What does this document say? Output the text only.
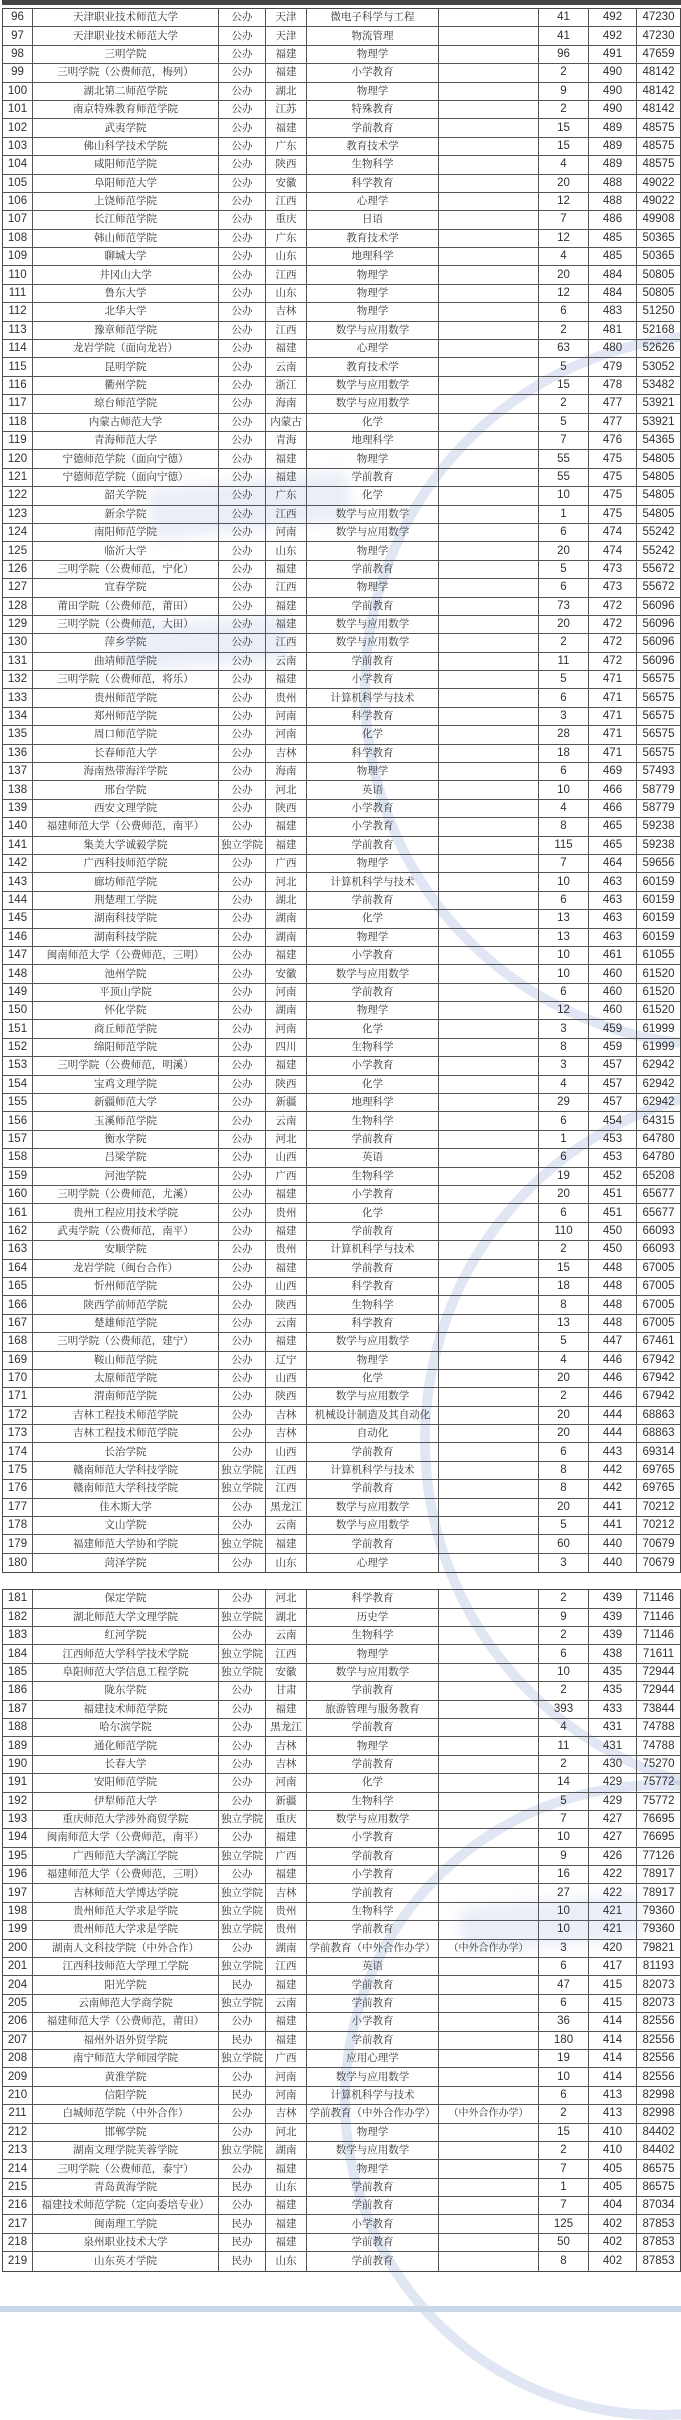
96	天津职业技术师范大学	公办	天津	微电子科学与工程	41	492	47230
97	天津职业技术师范大学	公办	天津	物流管理	41	492	47230
98	三明学院	公办	福建	物理学	96	491	47659
99	三明学院（公费师范，梅列）	公办	福建	小学教育	2	490	48142
100	湖北第二师范学院	公办	湖北	物理学	9	490	48142
101	南京特殊教育师范学院	公办	江苏	特殊教育	2	490	48142
102	武夷学院	公办	福建	学前教育	15	489	48575
103	佛山科学技术学院	公办	广东	教育技术学	15	489	48575
104	咸阳师范学院	公办	陕西	生物科学	4	489	48575
105	阜阳师范大学	公办	安徽	科学教育	20	488	49022
106	上饶师范学院	公办	江西	心理学	12	488	49022
107	长江师范学院	公办	重庆	日语	7	486	49908
108	韩山师范学院	公办	广东	教育技术学	12	485	50365
109	聊城大学	公办	山东	地理科学	4	485	50365
110	井冈山大学	公办	江西	物理学	20	484	50805
111	鲁东大学	公办	山东	物理学	12	484	50805
112	北华大学	公办	吉林	物理学	6	483	51250
113	豫章师范学院	公办	江西	数学与应用数学	2	481	52168
114	龙岩学院（面向龙岩）	公办	福建	心理学	63	480	52626
115	昆明学院	公办	云南	教育技术学	5	479	53052
116	衢州学院	公办	浙江	数学与应用数学	15	478	53482
117	琼台师范学院	公办	海南	数学与应用数学	2	477	53921
118	内蒙古师范大学	公办	内蒙古	化学	5	477	53921
119	青海师范大学	公办	青海	地理科学	7	476	54365
120	宁德师范学院（面向宁德）	公办	福建	物理学	55	475	54805
121	宁德师范学院（面向宁德）	公办	福建	学前教育	55	475	54805
122	韶关学院	公办	广东	化学	10	475	54805
123	新余学院	公办	江西	数学与应用数学	1	475	54805
124	南阳师范学院	公办	河南	数学与应用数学	6	474	55242
125	临沂大学	公办	山东	物理学	20	474	55242
126	三明学院（公费师范，宁化）	公办	福建	学前教育	5	473	55672
127	宜春学院	公办	江西	物理学	6	473	55672
128	莆田学院（公费师范，莆田）	公办	福建	学前教育	73	472	56096
129	三明学院（公费师范，大田）	公办	福建	数学与应用数学	20	472	56096
130	萍乡学院	公办	江西	数学与应用数学	2	472	56096
131	曲靖师范学院	公办	云南	学前教育	11	472	56096
132	三明学院（公费师范，将乐）	公办	福建	小学教育	5	471	56575
133	贵州师范学院	公办	贵州	计算机科学与技术	6	471	56575
134	郑州师范学院	公办	河南	科学教育	3	471	56575
135	周口师范学院	公办	河南	化学	28	471	56575
136	长春师范大学	公办	吉林	科学教育	18	471	56575
137	海南热带海洋学院	公办	海南	物理学	6	469	57493
138	邢台学院	公办	河北	英语	10	466	58779
139	西安文理学院	公办	陕西	小学教育	4	466	58779
140	福建师范大学（公费师范，南平）	公办	福建	小学教育	8	465	59238
141	集美大学诚毅学院	独立学院	福建	学前教育	115	465	59238
142	广西科技师范学院	公办	广西	物理学	7	464	59656
143	廊坊师范学院	公办	河北	计算机科学与技术	10	463	60159
144	荆楚理工学院	公办	湖北	学前教育	6	463	60159
145	湖南科技学院	公办	湖南	化学	13	463	60159
146	湖南科技学院	公办	湖南	物理学	13	463	60159
147	闽南师范大学（公费师范，三明）	公办	福建	小学教育	10	461	61055
148	池州学院	公办	安徽	数学与应用数学	10	460	61520
149	平顶山学院	公办	河南	学前教育	6	460	61520
150	怀化学院	公办	湖南	物理学	12	460	61520
151	商丘师范学院	公办	河南	化学	3	459	61999
152	绵阳师范学院	公办	四川	生物科学	8	459	61999
153	三明学院（公费师范，明溪）	公办	福建	小学教育	3	457	62942
154	宝鸡文理学院	公办	陕西	化学	4	457	62942
155	新疆师范大学	公办	新疆	地理科学	29	457	62942
156	玉溪师范学院	公办	云南	生物科学	6	454	64315
157	衡水学院	公办	河北	学前教育	1	453	64780
158	吕梁学院	公办	山西	英语	6	453	64780
159	河池学院	公办	广西	生物科学	19	452	65208
160	三明学院（公费师范，尤溪）	公办	福建	小学教育	20	451	65677
161	贵州工程应用技术学院	公办	贵州	化学	6	451	65677
162	武夷学院（公费师范，南平）	公办	福建	学前教育	110	450	66093
163	安顺学院	公办	贵州	计算机科学与技术	2	450	66093
164	龙岩学院（闽台合作）	公办	福建	学前教育	15	448	67005
165	忻州师范学院	公办	山西	科学教育	18	448	67005
166	陕西学前师范学院	公办	陕西	生物科学	8	448	67005
167	楚雄师范学院	公办	云南	科学教育	13	448	67005
168	三明学院（公费师范，建宁）	公办	福建	数学与应用数学	5	447	67461
169	鞍山师范学院	公办	辽宁	物理学	4	446	67942
170	太原师范学院	公办	山西	化学	20	446	67942
171	渭南师范学院	公办	陕西	数学与应用数学	2	446	67942
172	吉林工程技术师范学院	公办	吉林	机械设计制造及其自动化	20	444	68863
173	吉林工程技术师范学院	公办	吉林	自动化	20	444	68863
174	长治学院	公办	山西	学前教育	6	443	69314
175	赣南师范大学科技学院	独立学院	江西	计算机科学与技术	8	442	69765
176	赣南师范大学科技学院	独立学院	江西	学前教育	8	442	69765
177	佳木斯大学	公办	黑龙江	数学与应用数学	20	441	70212
178	文山学院	公办	云南	数学与应用数学	5	441	70212
179	福建师范大学协和学院	独立学院	福建	学前教育	60	440	70679
180	菏泽学院	公办	山东	心理学	3	440	70679
181	保定学院	公办	河北	科学教育	2	439	71146
182	湖北师范大学文理学院	独立学院	湖北	历史学	9	439	71146
183	红河学院	公办	云南	生物科学	2	439	71146
184	江西师范大学科学技术学院	独立学院	江西	物理学	6	438	71611
185	阜阳师范大学信息工程学院	独立学院	安徽	数学与应用数学	10	435	72944
186	陇东学院	公办	甘肃	学前教育	2	435	72944
187	福建技术师范学院	公办	福建	旅游管理与服务教育	393	433	73844
188	哈尔滨学院	公办	黑龙江	学前教育	4	431	74788
189	通化师范学院	公办	吉林	物理学	11	431	74788
190	长春大学	公办	吉林	学前教育	2	430	75270
191	安阳师范学院	公办	河南	化学	14	429	75772
192	伊犁师范大学	公办	新疆	生物科学	5	429	75772
193	重庆师范大学涉外商贸学院	独立学院	重庆	数学与应用数学	7	427	76695
194	闽南师范大学（公费师范，南平）	公办	福建	小学教育	10	427	76695
195	广西师范大学漓江学院	独立学院	广西	学前教育	9	426	77126
196	福建师范大学（公费师范，三明）	公办	福建	小学教育	16	422	78917
197	吉林师范大学博达学院	独立学院	吉林	学前教育	27	422	78917
198	贵州师范大学求是学院	独立学院	贵州	生物科学	10	421	79360
199	贵州师范大学求是学院	独立学院	贵州	学前教育	10	421	79360
200	湖南人文科技学院（中外合作）	公办	湖南	学前教育（中外合作办学）	（中外合作办学）	3	420	79821
201	江西科技师范大学理工学院	独立学院	江西	英语	6	417	81193
204	阳光学院	民办	福建	学前教育	47	415	82073
205	云南师范大学商学院	独立学院	云南	学前教育	6	415	82073
206	福建师范大学（公费师范，莆田）	公办	福建	小学教育	36	414	82556
207	福州外语外贸学院	民办	福建	学前教育	180	414	82556
208	南宁师范大学师园学院	独立学院	广西	应用心理学	19	414	82556
209	黄淮学院	公办	河南	数学与应用数学	10	414	82556
210	信阳学院	民办	河南	计算机科学与技术	6	413	82998
211	白城师范学院（中外合作）	公办	吉林	学前教育（中外合作办学）	（中外合作办学）	2	413	82998
212	邯郸学院	公办	河北	物理学	15	410	84402
213	湖南文理学院芙蓉学院	独立学院	湖南	数学与应用数学	2	410	84402
214	三明学院（公费师范，泰宁）	公办	福建	物理学	7	405	86575
215	青岛黄海学院	民办	山东	学前教育	1	405	86575
216	福建技术师范学院（定向委培专业）	公办	福建	学前教育	7	404	87034
217	闽南理工学院	民办	福建	小学教育	125	402	87853
218	泉州职业技术大学	民办	福建	学前教育	50	402	87853
219	山东英才学院	民办	山东	学前教育	8	402	87853
